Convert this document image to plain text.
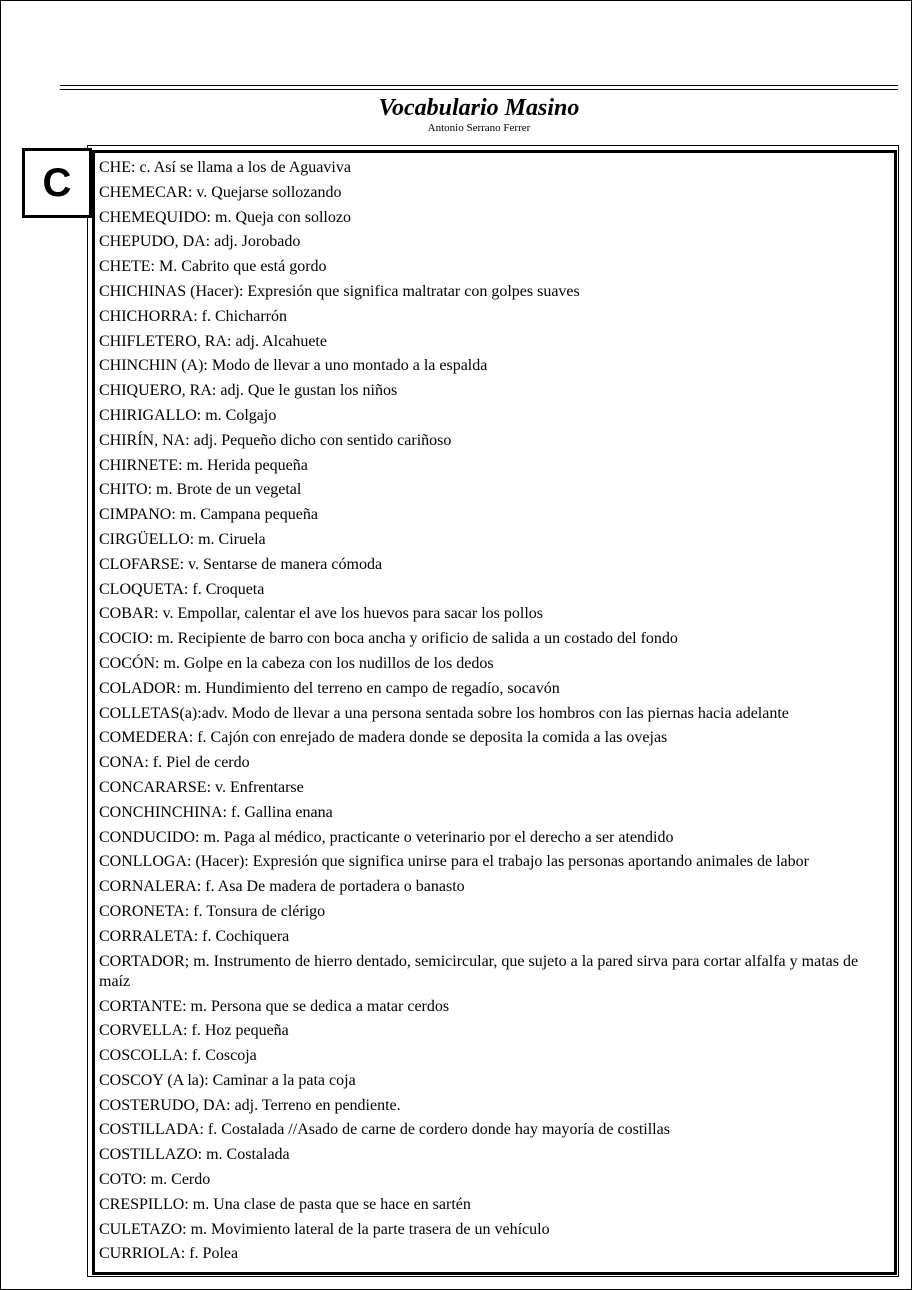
Vocabulario Masino
Antonio Serrano Ferrer
C CHE: c. Así se llama a los de Aguaviva
CHEMECAR: v. Quejarse sollozando
CHEMEQUIDO: m. Queja con sollozo
CHEPUDO, DA: adj. Jorobado
CHETE: M. Cabrito que está gordo
CHICHINAS (Hacer): Expresión que significa maltratar con golpes suaves
CHICHORRA: f. Chicharrón
CHIFLETERO, RA: adj. Alcahuete
CHINCHIN (A): Modo de llevar a uno montado a la espalda
CHIQUERO, RA: adj. Que le gustan los niños
CHIRIGALLO: m. Colgajo
CHIRÍN, NA: adj. Pequeño dicho con sentido cariñoso
CHIRNETE: m. Herida pequeña
CHITO: m. Brote de un vegetal
CIMPANO: m. Campana pequeña
CIRGÜELLO: m. Ciruela
CLOFARSE: v. Sentarse de manera cómoda
CLOQUETA: f. Croqueta
COBAR: v. Empollar, calentar el ave los huevos para sacar los pollos
COCIO: m. Recipiente de barro con boca ancha y orificio de salida a un costado del fondo
COCÓN: m. Golpe en la cabeza con los nudillos de los dedos
COLADOR: m. Hundimiento del terreno en campo de regadío, socavón
COLLETAS(a):adv. Modo de llevar a una persona sentada sobre los hombros con las piernas hacia adelante
COMEDERA: f. Cajón con enrejado de madera donde se deposita la comida a las ovejas
CONA: f. Piel de cerdo
CONCARARSE: v. Enfrentarse
CONCHINCHINA: f. Gallina enana
CONDUCIDO: m. Paga al médico, practicante o veterinario por el derecho a ser atendido
CONLLOGA: (Hacer): Expresión que significa unirse para el trabajo las personas aportando animales de labor
CORNALERA: f. Asa De madera de portadera o banasto
CORONETA: f. Tonsura de clérigo
CORRALETA: f. Cochiquera
CORTADOR; m. Instrumento de hierro dentado, semicircular, que sujeto a la pared sirva para cortar alfalfa y matas de maíz
CORTANTE: m. Persona que se dedica a matar cerdos
CORVELLA: f. Hoz pequeña
COSCOLLA: f. Coscoja
COSCOY (A la): Caminar a la pata coja
COSTERUDO, DA: adj. Terreno en pendiente.
COSTILLADA: f. Costalada //Asado de carne de cordero donde hay mayoría de costillas
COSTILLAZO: m. Costalada
COTO: m. Cerdo
CRESPILLO: m. Una clase de pasta que se hace en sartén
CULETAZO: m. Movimiento lateral de la parte trasera de un vehículo
CURRIOLA: f. Polea
